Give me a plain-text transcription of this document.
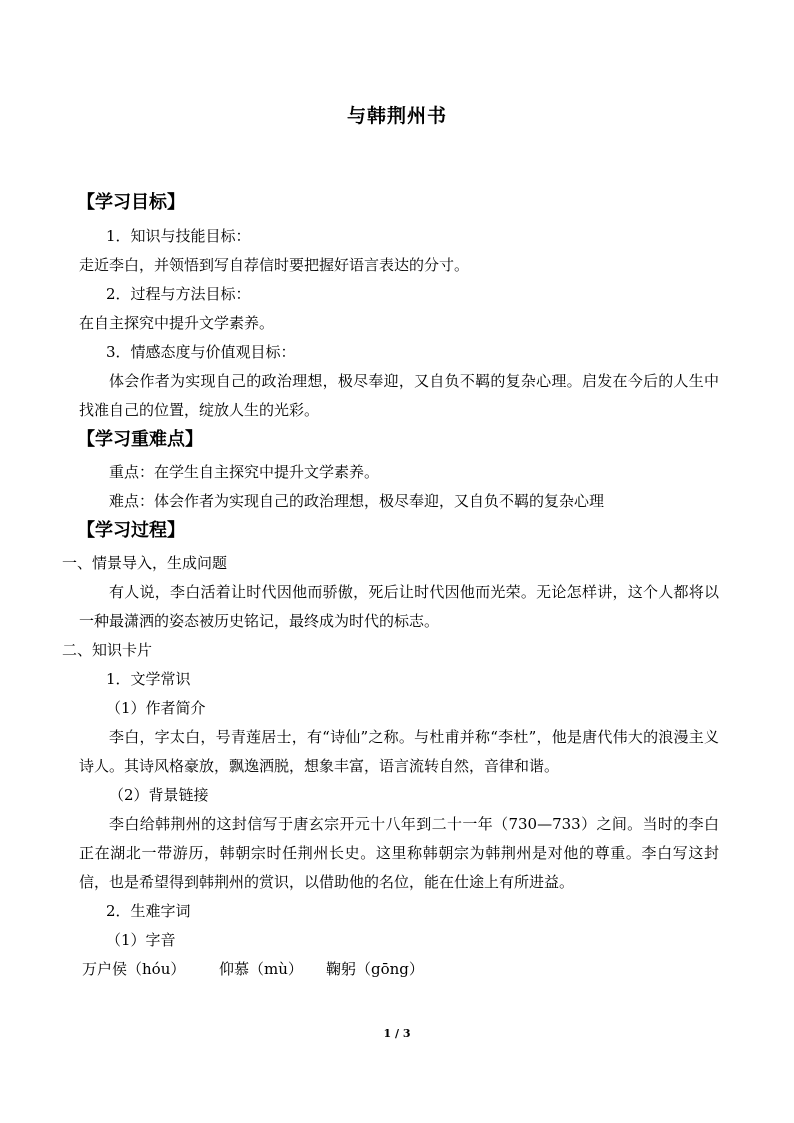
与韩荆州书
【学习目标】
1．知识与技能目标：
走近李白，并领悟到写自荐信时要把握好语言表达的分寸。
2．过程与方法目标：
在自主探究中提升文学素养。
3．情感态度与价值观目标：
体会作者为实现自己的政治理想，极尽奉迎，又自负不羁的复杂心理。启发在今后的人生中找准自己的位置，绽放人生的光彩。
【学习重难点】
重点：在学生自主探究中提升文学素养。
难点：体会作者为实现自己的政治理想，极尽奉迎，又自负不羁的复杂心理
【学习过程】
一、情景导入，生成问题
有人说，李白活着让时代因他而骄傲，死后让时代因他而光荣。无论怎样讲，这个人都将以一种最潇洒的姿态被历史铭记，最终成为时代的标志。
二、知识卡片
1．文学常识
（1）作者简介
李白，字太白，号青莲居士，有“诗仙”之称。与杜甫并称“李杜”，他是唐代伟大的浪漫主义诗人。其诗风格豪放，飘逸洒脱，想象丰富，语言流转自然，音律和谐。
（2）背景链接
李白给韩荆州的这封信写于唐玄宗开元十八年到二十一年（730—733）之间。当时的李白正在湖北一带游历，韩朝宗时任荆州长史。这里称韩朝宗为韩荆州是对他的尊重。李白写这封信，也是希望得到韩荆州的赏识，以借助他的名位，能在仕途上有所进益。
2．生难字词
（1）字音
万户侯（hóu） 仰慕（mù） 鞠躬（gōng）
1 / 3
